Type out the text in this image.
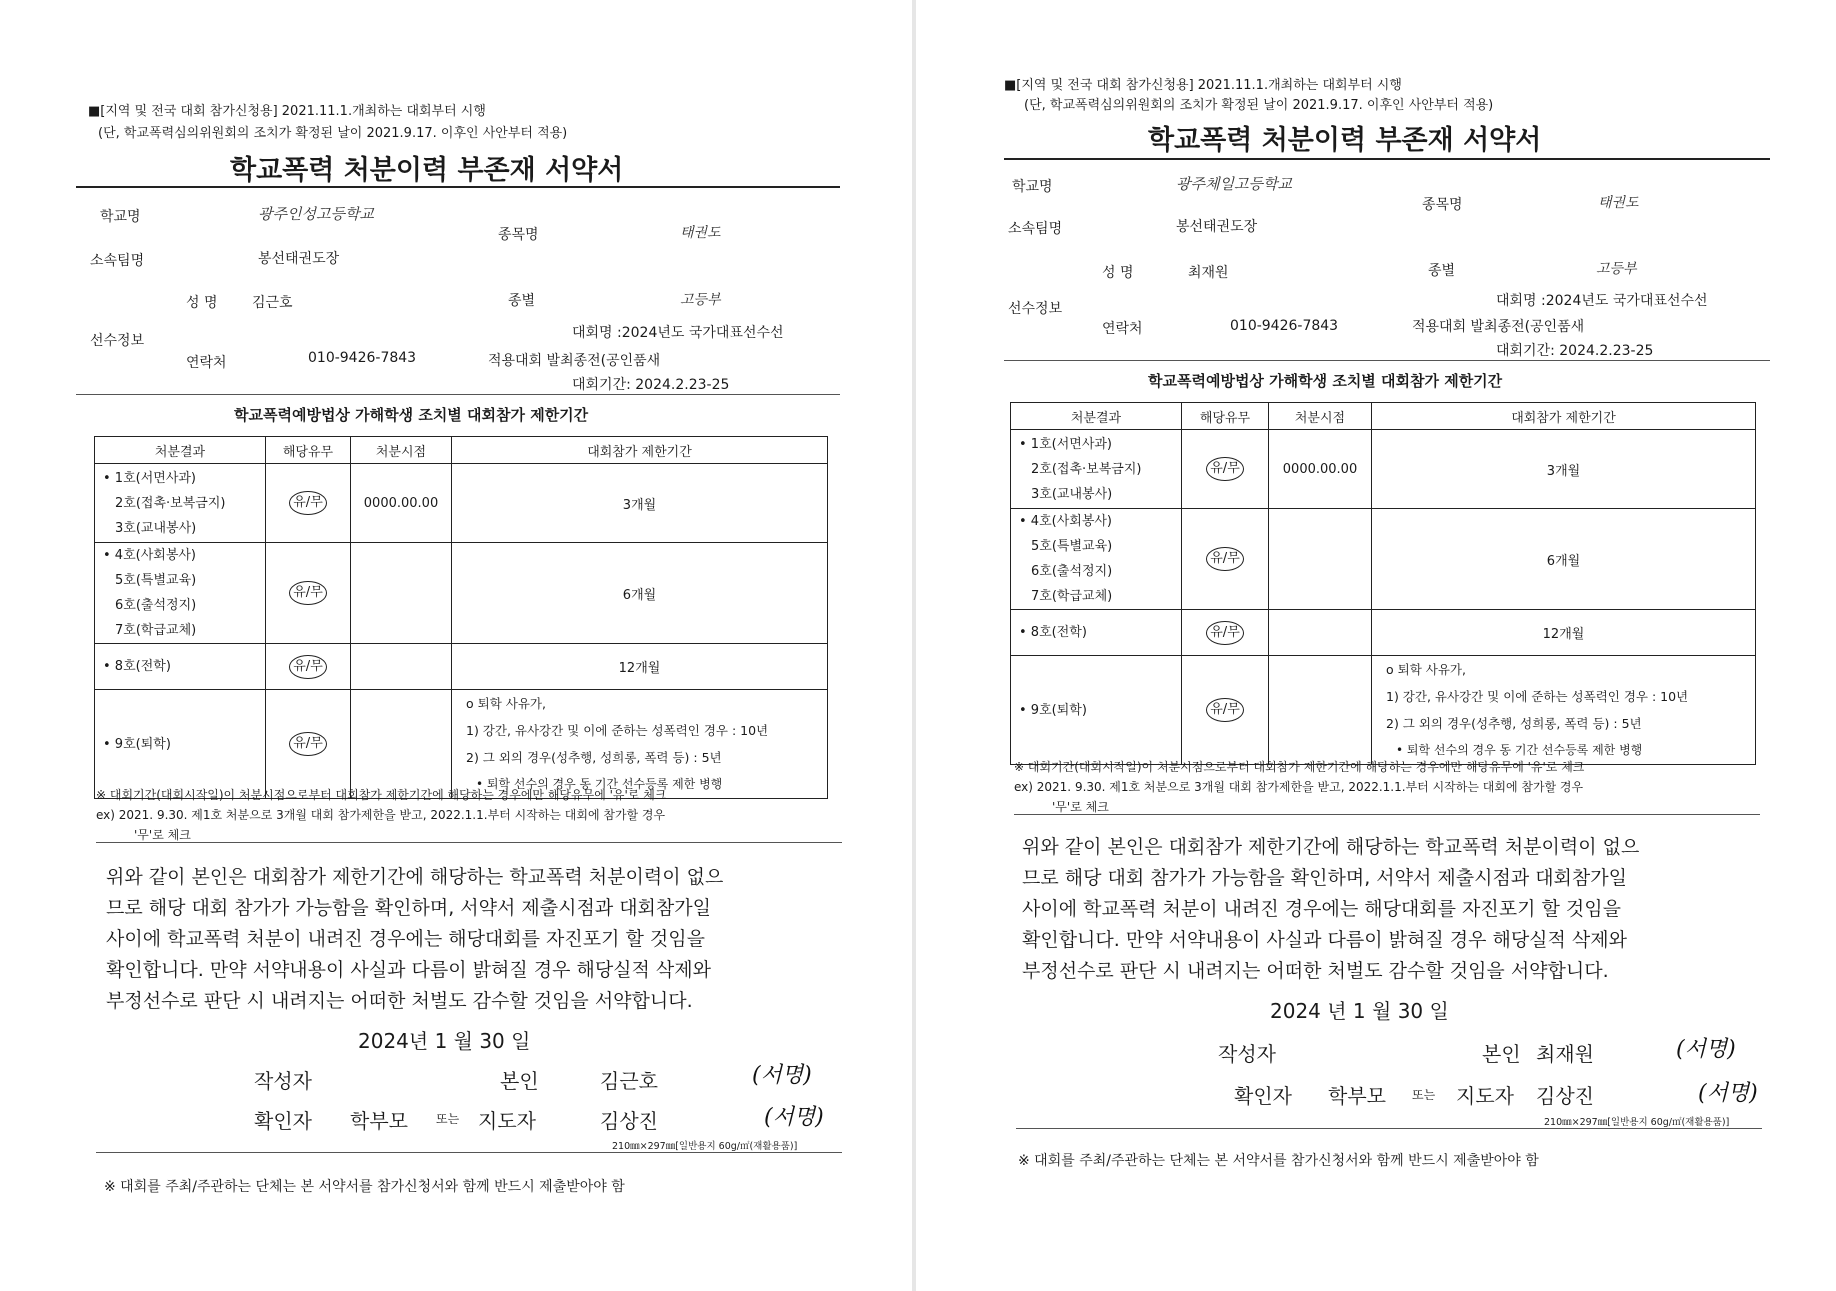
■[지역 및 전국 대회 참가신청용] 2021.11.1.개최하는 대회부터 시행
(단, 학교폭력심의위원회의 조치가 확정된 날이 2021.9.17. 이후인 사안부터 적용)
학교폭력 처분이력 부존재 서약서
학교명	광주인성고등학교
종목명	태권도
소속팀명	봉선태권도장
성 명 김근호	종별	고등부
선수정보	대회명 :2024년도 국가대표선수선
연락처	010-9426-7843	적용대회 발최종전(공인품새
대회기간: 2024.2.23-25
학교폭력예방법상 가해학생 조치별 대회참가 제한기간
처분결과	해당유무	처분시점	대회참가 제한기간

• 1호(서면사과)
2호(접촉·보복금지)
3호(교내봉사)	유/무	0000.00.00	3개월

• 4호(사회봉사)
5호(특별교육)
6호(출석정지)
7호(학급교체)	유/무		6개월

• 8호(전학)	유/무		12개월

• 9호(퇴학)	유/무		o 퇴학 사유가,
1) 강간, 유사강간 및 이에 준하는 성폭력인 경우 : 10년
2) 그 외의 경우(성추행, 성희롱, 폭력 등) : 5년
• 퇴학 선수의 경우 동 기간 선수등록 제한 병행
※ 대회기간(대회시작일)이 처분시점으로부터 대회참가 제한기간에 해당하는 경우에만 해당유무에 '유'로 체크
ex) 2021. 9.30. 제1호 처분으로 3개월 대회 참가제한을 받고, 2022.1.1.부터 시작하는 대회에 참가할 경우
'무'로 체크
위와 같이 본인은 대회참가 제한기간에 해당하는 학교폭력 처분이력이 없으
므로 해당 대회 참가가 가능함을 확인하며, 서약서 제출시점과 대회참가일
사이에 학교폭력 처분이 내려진 경우에는 해당대회를 자진포기 할 것임을
확인합니다. 만약 서약내용이 사실과 다름이 밝혀질 경우 해당실적 삭제와
부정선수로 판단 시 내려지는 어떠한 처벌도 감수할 것임을 서약합니다.
2024년 1 월 30 일
작성자	본인	김근호	(서명)
확인자 학부모 또는 지도자	김상진	(서명)
210㎜×297㎜[일반용지 60g/㎡(재활용품)]
※ 대회를 주최/주관하는 단체는 본 서약서를 참가신청서와 함께 반드시 제출받아야 함
■[지역 및 전국 대회 참가신청용] 2021.11.1.개최하는 대회부터 시행
(단, 학교폭력심의위원회의 조치가 확정된 날이 2021.9.17. 이후인 사안부터 적용)
학교폭력 처분이력 부존재 서약서
학교명	광주체일고등학교
종목명	태권도
소속팀명	봉선태권도장
성 명	최재원	종별	고등부
선수정보	대회명 :2024년도 국가대표선수선
연락처	010-9426-7843	적용대회 발최종전(공인품새
대회기간: 2024.2.23-25
학교폭력예방법상 가해학생 조치별 대회참가 제한기간
처분결과	해당유무	처분시점	대회참가 제한기간

• 1호(서면사과)
2호(접촉·보복금지)
3호(교내봉사)	유/무	0000.00.00	3개월

• 4호(사회봉사)
5호(특별교육)
6호(출석정지)
7호(학급교체)	유/무		6개월

• 8호(전학)	유/무		12개월

• 9호(퇴학)	유/무		o 퇴학 사유가,
1) 강간, 유사강간 및 이에 준하는 성폭력인 경우 : 10년
2) 그 외의 경우(성추행, 성희롱, 폭력 등) : 5년
• 퇴학 선수의 경우 동 기간 선수등록 제한 병행
※ 대회기간(대회시작일)이 처분시점으로부터 대회참가 제한기간에 해당하는 경우에만 해당유무에 '유'로 체크
ex) 2021. 9.30. 제1호 처분으로 3개월 대회 참가제한을 받고, 2022.1.1.부터 시작하는 대회에 참가할 경우
'무'로 체크
위와 같이 본인은 대회참가 제한기간에 해당하는 학교폭력 처분이력이 없으
므로 해당 대회 참가가 가능함을 확인하며, 서약서 제출시점과 대회참가일
사이에 학교폭력 처분이 내려진 경우에는 해당대회를 자진포기 할 것임을
확인합니다. 만약 서약내용이 사실과 다름이 밝혀질 경우 해당실적 삭제와
부정선수로 판단 시 내려지는 어떠한 처벌도 감수할 것임을 서약합니다.
2024 년 1 월 30 일
작성자	본인 최재원	(서명)
확인자 학부모 또는 지도자 김상진	(서명)
210㎜×297㎜[일반용지 60g/㎡(재활용품)]
※ 대회를 주최/주관하는 단체는 본 서약서를 참가신청서와 함께 반드시 제출받아야 함
